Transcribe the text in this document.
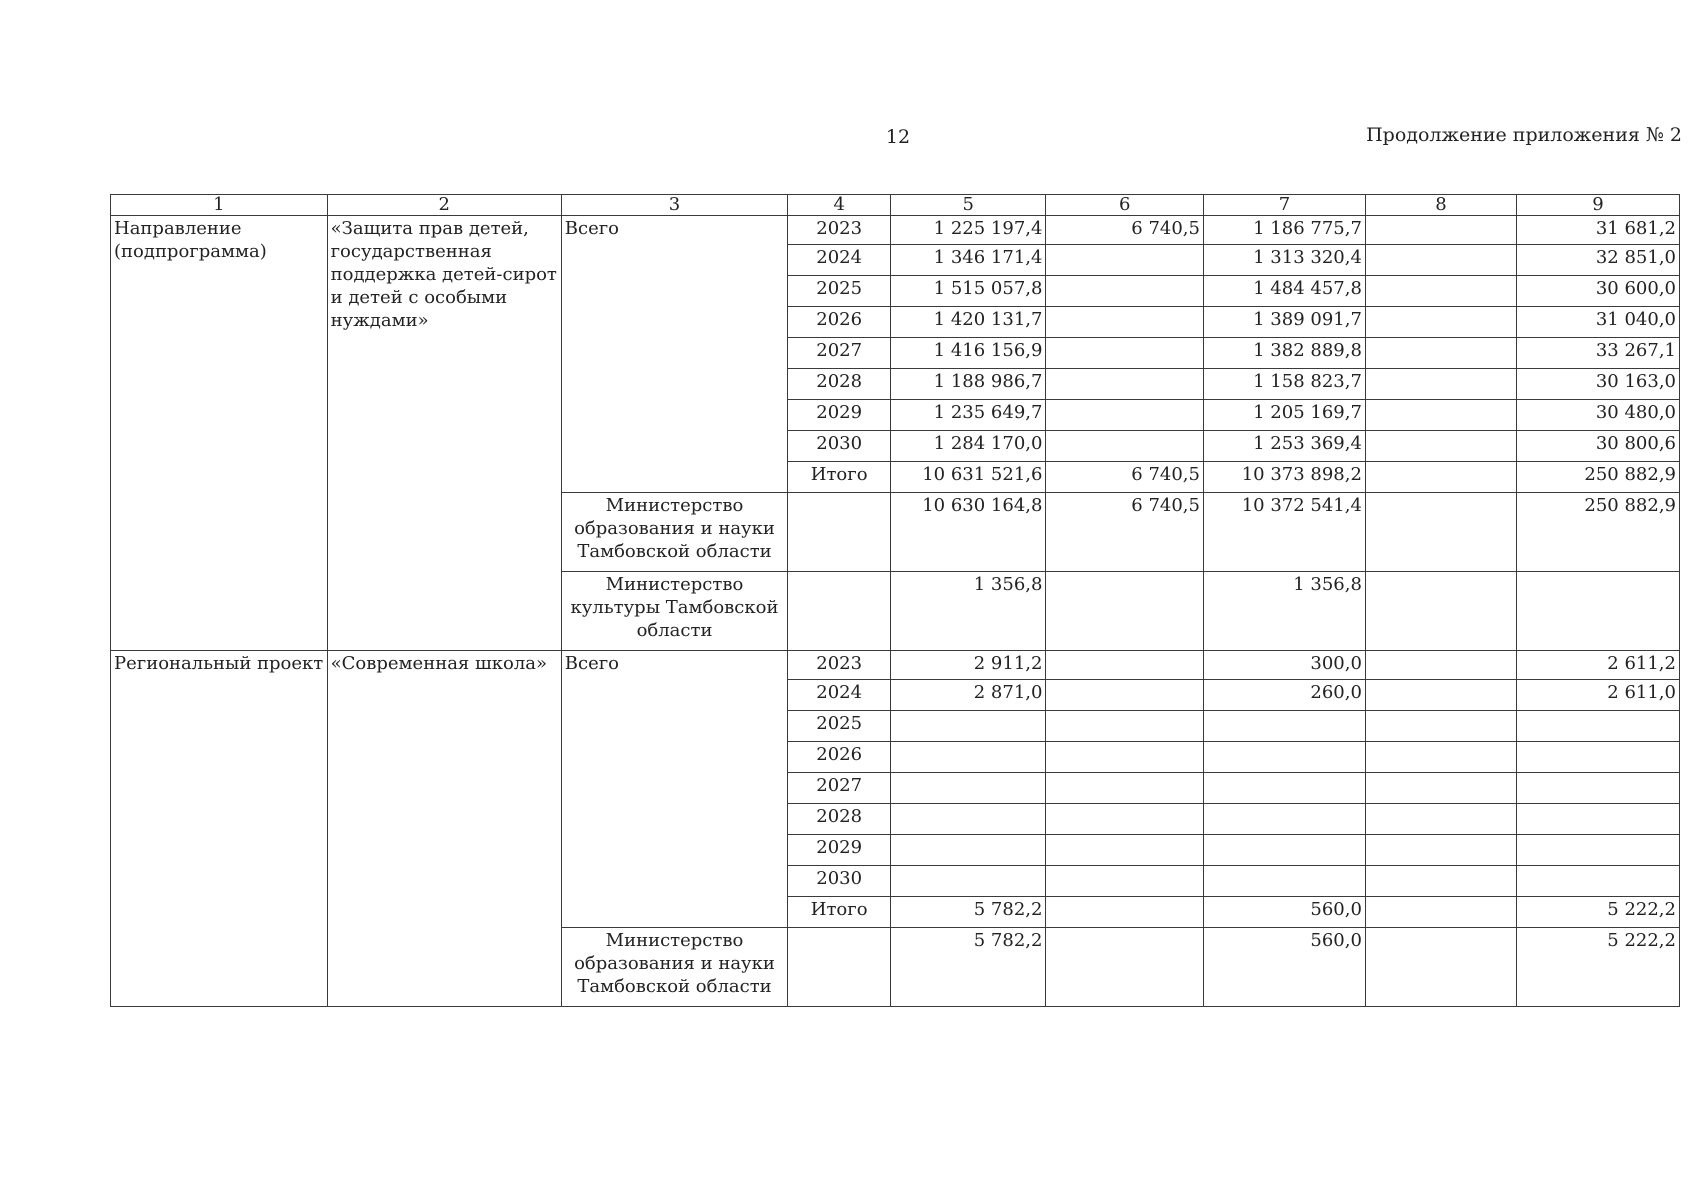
12	Продолжение приложения № 2
1	2	3	4	5	6	7	8	9
Направление (подпрограмма)	«Защита прав детей, государственная поддержка детей-сирот и детей с особыми нуждами»	Всего	2023	1 225 197,4	6 740,5	1 186 775,7		31 681,2
			2024	1 346 171,4		1 313 320,4		32 851,0
			2025	1 515 057,8		1 484 457,8		30 600,0
			2026	1 420 131,7		1 389 091,7		31 040,0
			2027	1 416 156,9		1 382 889,8		33 267,1
			2028	1 188 986,7		1 158 823,7		30 163,0
			2029	1 235 649,7		1 205 169,7		30 480,0
			2030	1 284 170,0		1 253 369,4		30 800,6
			Итого	10 631 521,6	6 740,5	10 373 898,2		250 882,9
		Министерство образования и науки Тамбовской области		10 630 164,8	6 740,5	10 372 541,4		250 882,9
		Министерство культуры Тамбовской области		1 356,8		1 356,8		
Региональный проект	«Современная школа»	Всего	2023	2 911,2		300,0		2 611,2
			2024	2 871,0		260,0		2 611,0
			2025					
			2026					
			2027					
			2028					
			2029					
			2030					
			Итого	5 782,2		560,0		5 222,2
		Министерство образования и науки Тамбовской области		5 782,2		560,0		5 222,2
